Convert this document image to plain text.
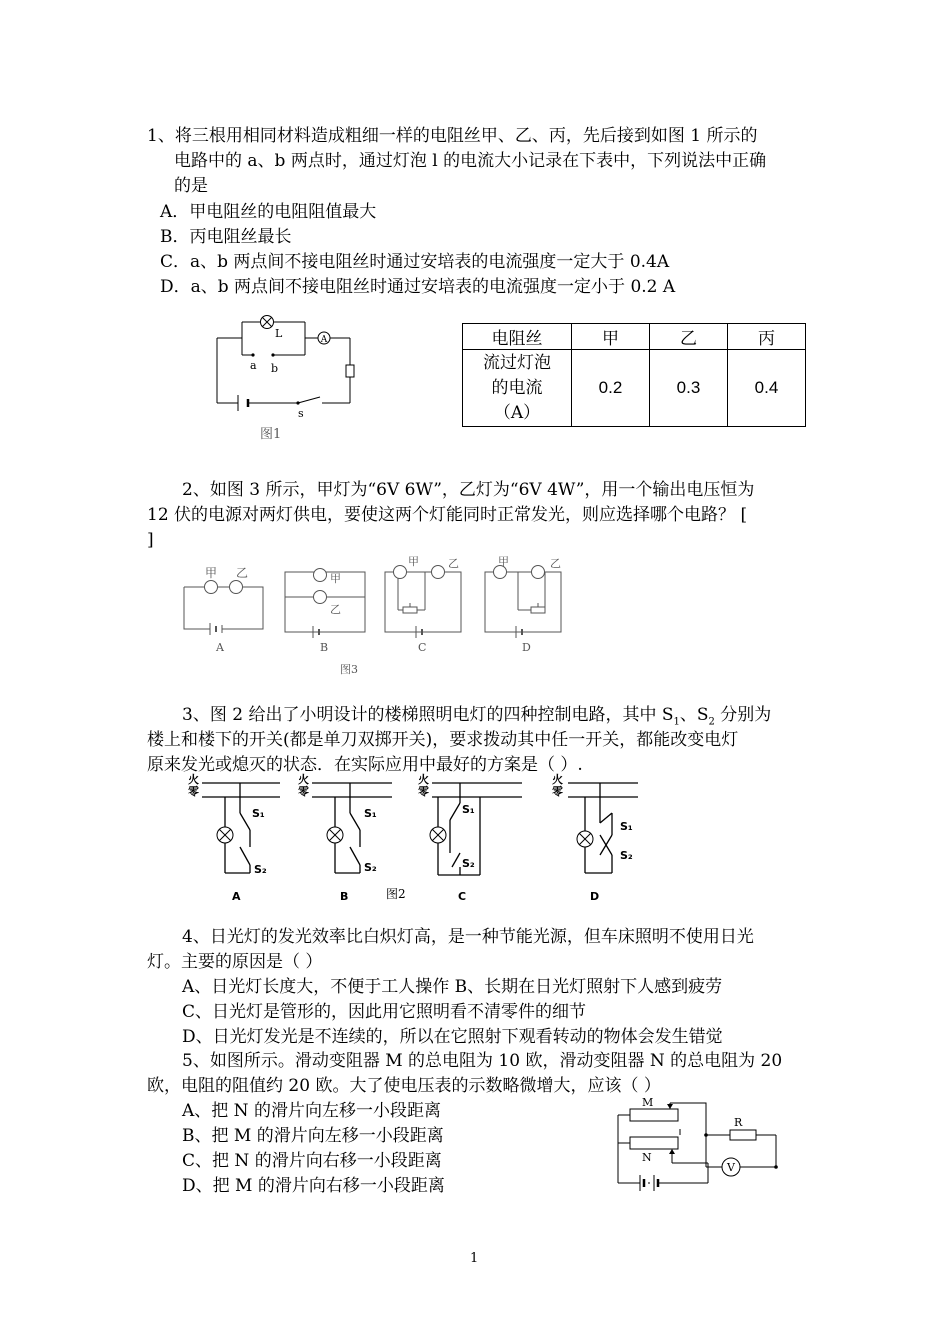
1、将三根用相同材料造成粗细一样的电阻丝甲、乙、丙，先后接到如图 1 所示的
电路中的 a、b 两点时，通过灯泡 l 的电流大小记录在下表中，下列说法中正确
的是
A．甲电阻丝的电阻阻值最大
B．丙电阻丝最长
C．a、b 两点间不接电阻丝时通过安培表的电流强度一定大于 0.4A
D．a、b 两点间不接电阻丝时通过安培表的电流强度一定小于 0.2 A
L	A
a b
s
图1
电阻丝	甲	乙	丙
流过灯泡
的电流
（A）	0.2	0.3	0.4
2、如图 3 所示，甲灯为“6V 6W”，乙灯为“6V 4W”，用一个输出电压恒为
12 伏的电源对两灯供电，要使这两个灯能同时正常发光，则应选择哪个电路？ [
]
甲 乙
A
甲
乙
B
甲	乙
C
甲	乙
D
图3
3、图 2 给出了小明设计的楼梯照明电灯的四种控制电路，其中 $S_1$、$S_2$ 分别为
楼上和楼下的开关(都是单刀双掷开关)，要求拨动其中任一开关，都能改变电灯
原来发光或熄灭的状态．在实际应用中最好的方案是（ ）.
火
零
火
零
火
零
火
零
S₁
S₂
A
S₁
S₂
B	图2
S₁
S₂
C
S₁
S₂
D
4、日光灯的发光效率比白炽灯高，是一种节能光源，但车床照明不使用日光
灯。主要的原因是（ ）
A、日光灯长度大，不便于工人操作 B、长期在日光灯照射下人感到疲劳
C、日光灯是管形的，因此用它照明看不清零件的细节
D、日光灯发光是不连续的，所以在它照射下观看转动的物体会发生错觉
5、如图所示。滑动变阻器 M 的总电阻为 10 欧，滑动变阻器 N 的总电阻为 20
欧，电阻的阻值约 20 欧。大了使电压表的示数略微增大，应该（ ）
A、把 N 的滑片向左移一小段距离
B、把 M 的滑片向左移一小段距离
C、把 N 的滑片向右移一小段距离
D、把 M 的滑片向右移一小段距离
V
M
N
R
1
